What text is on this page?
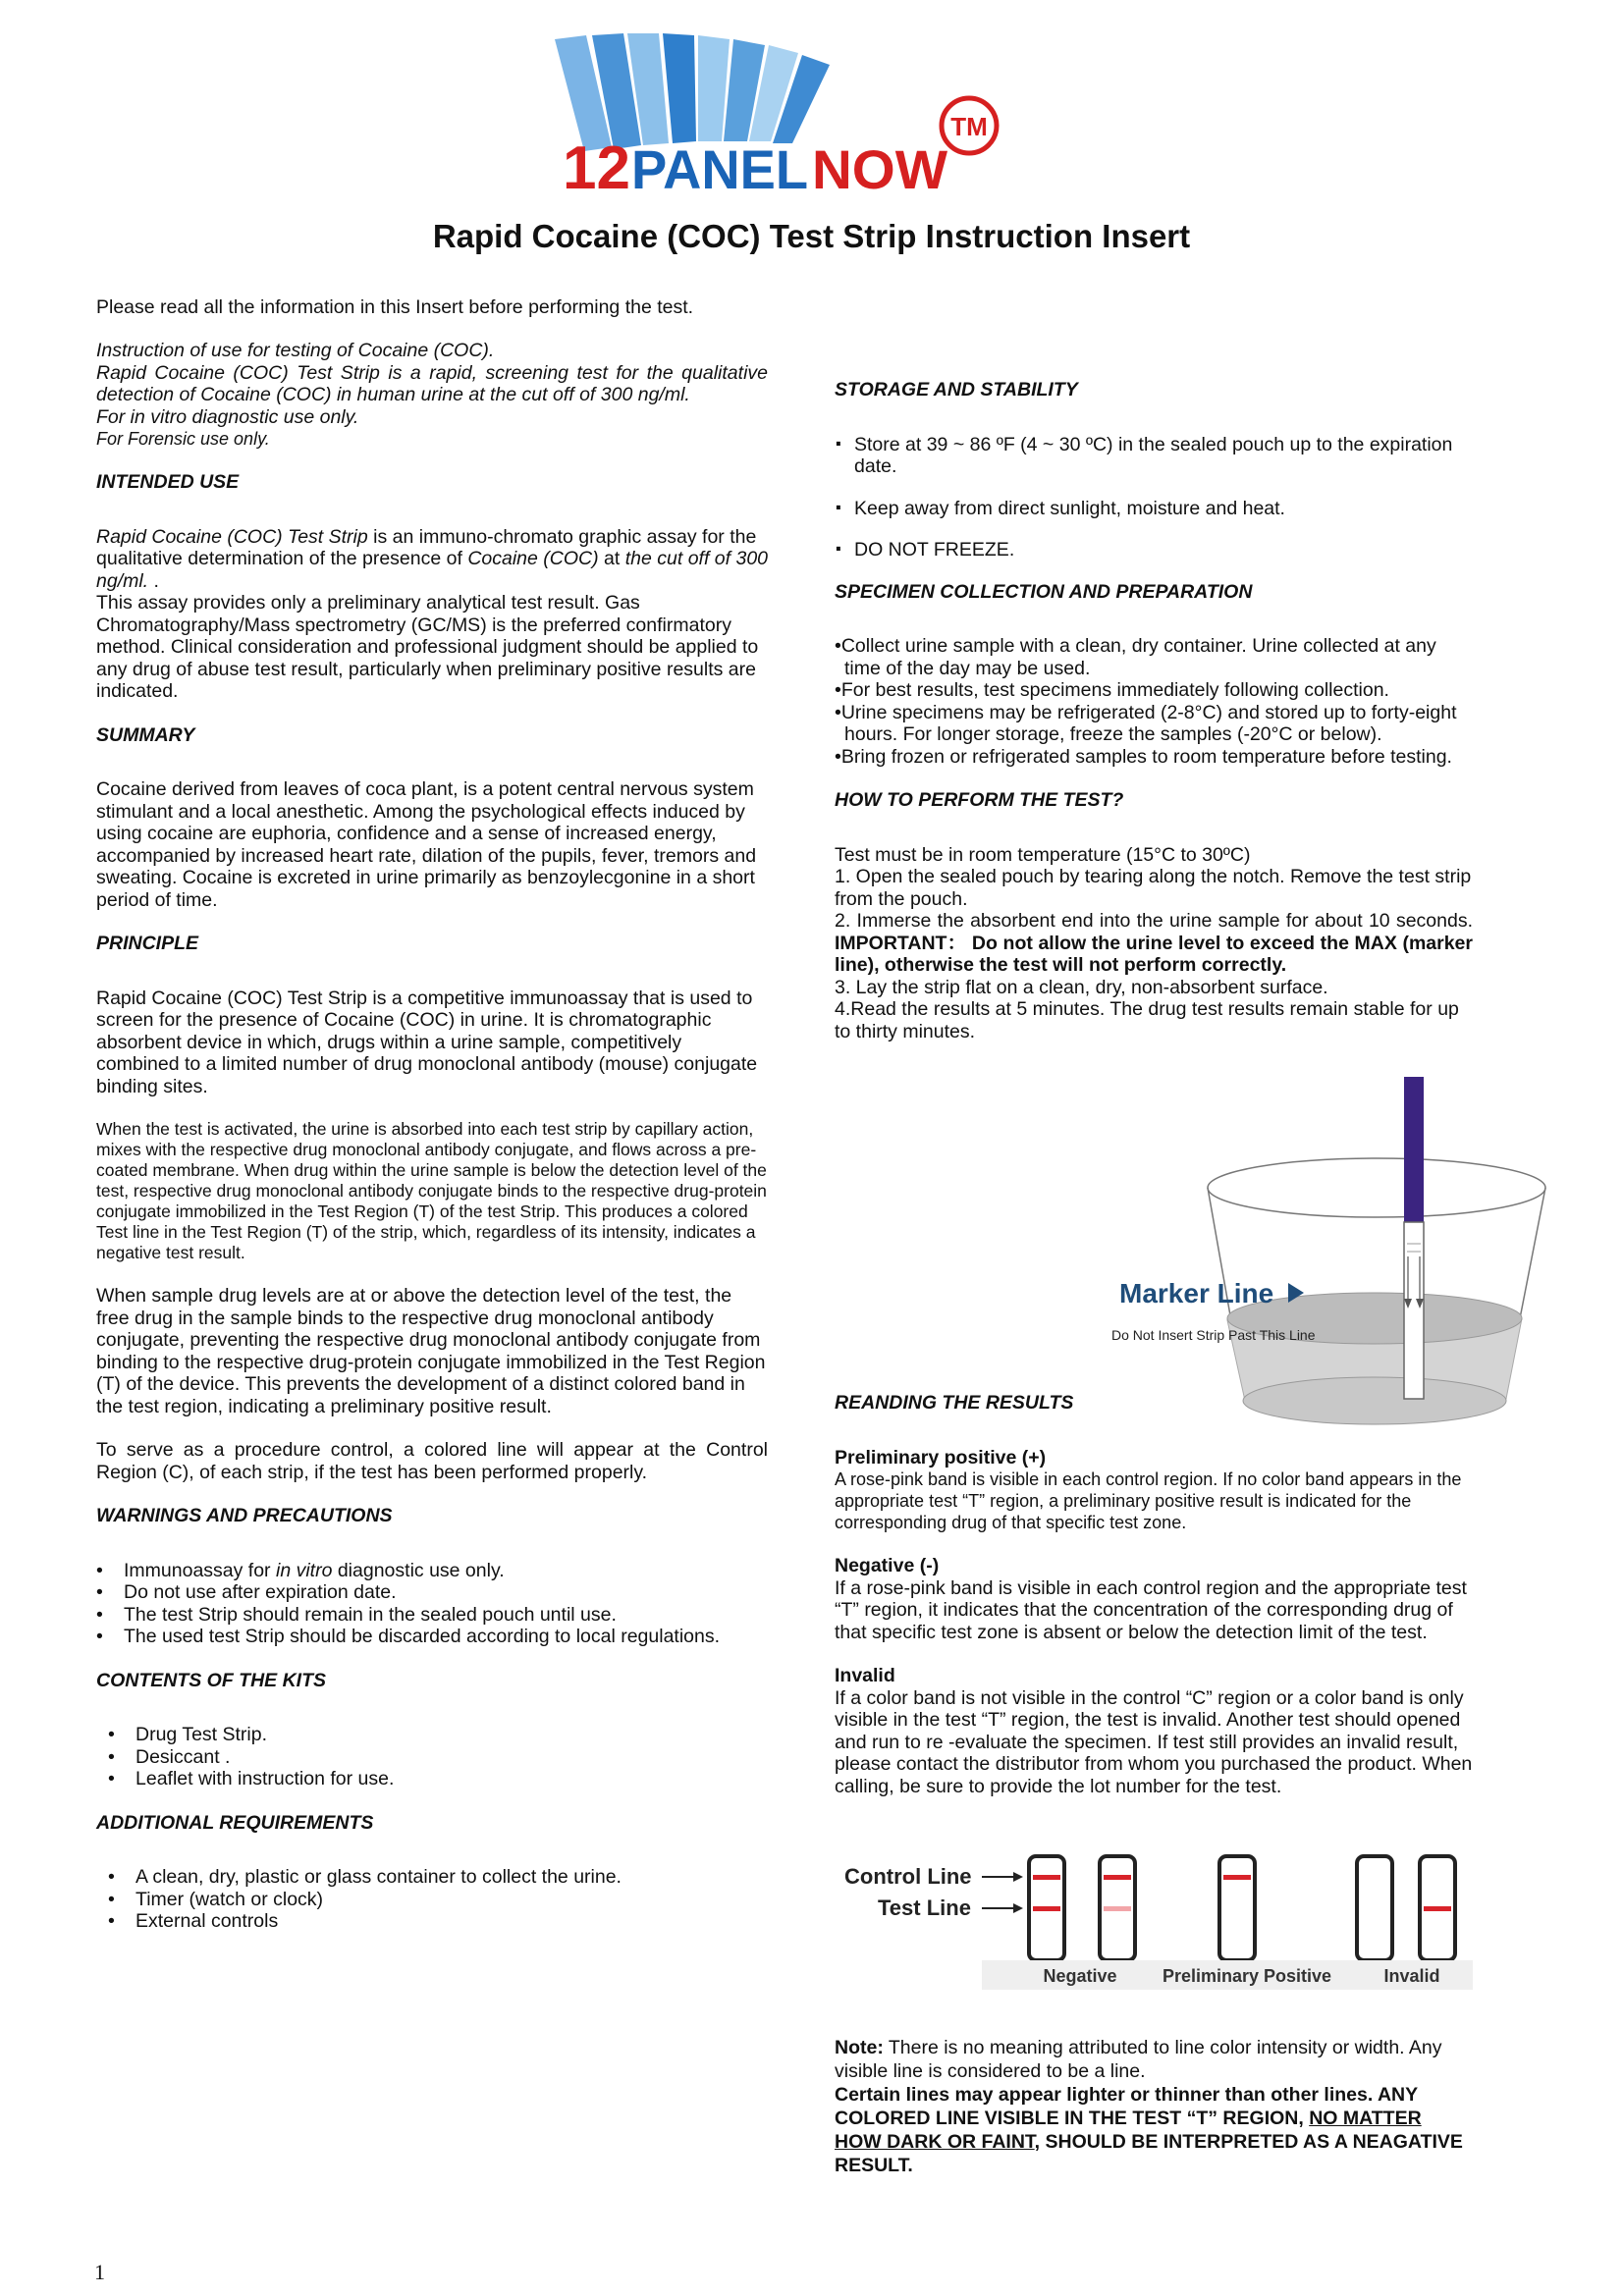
12 PANEL NOW
TM
Rapid Cocaine (COC) Test Strip Instruction Insert
Please read all the information in this Insert before performing the test.

Instruction of use for testing of Cocaine (COC).

Rapid Cocaine (COC) Test Strip is a rapid, screening test for the qualitative detection of Cocaine (COC) in human urine at the cut off of 300 ng/ml.

For in vitro diagnostic use only.

For Forensic use only.

INTENDED USE

Rapid Cocaine (COC) Test Strip is an immuno-chromato graphic assay for the qualitative determination of the presence of Cocaine (COC) at the cut off of 300 ng/ml. .

This assay provides only a preliminary analytical test result. Gas Chromatography/Mass spectrometry (GC/MS) is the preferred confirmatory method. Clinical consideration and professional judgment should be applied to any drug of abuse test result, particularly when preliminary positive results are indicated.

SUMMARY

Cocaine derived from leaves of coca plant, is a potent central nervous system stimulant and a local anesthetic. Among the psychological effects induced by using cocaine are euphoria, confidence and a sense of increased energy, accompanied by increased heart rate, dilation of the pupils, fever, tremors and sweating. Cocaine is excreted in urine primarily as benzoylecgonine in a short period of time.

PRINCIPLE

Rapid Cocaine (COC) Test Strip is a competitive immunoassay that is used to screen for the presence of Cocaine (COC) in urine. It is chromatographic absorbent device in which, drugs within a urine sample, competitively combined to a limited number of drug monoclonal antibody (mouse) conjugate binding sites.

When the test is activated, the urine is absorbed into each test strip by capillary action, mixes with the respective drug monoclonal antibody conjugate, and flows across a pre-coated membrane. When drug within the urine sample is below the detection level of the test, respective drug monoclonal antibody conjugate binds to the respective drug-protein conjugate immobilized in the Test Region (T) of the test Strip. This produces a colored Test line in the Test Region (T) of the strip, which, regardless of its intensity, indicates a negative test result.

When sample drug levels are at or above the detection level of the test, the free drug in the sample binds to the respective drug monoclonal antibody conjugate, preventing the respective drug monoclonal antibody conjugate from binding to the respective drug-protein conjugate immobilized in the Test Region (T) of the device. This prevents the development of a distinct colored band in the test region, indicating a preliminary positive result.

To serve as a procedure control, a colored line will appear at the Control Region (C), of each strip, if the test has been performed properly.

WARNINGS AND PRECAUTIONS

• Immunoassay for in vitro diagnostic use only.
• Do not use after expiration date.
• The test Strip should remain in the sealed pouch until use.
• The used test Strip should be discarded according to local regulations.

CONTENTS OF THE KITS

• Drug Test Strip.
• Desiccant .
• Leaflet with instruction for use.

ADDITIONAL REQUIREMENTS

• A clean, dry, plastic or glass container to collect the urine.
• Timer (watch or clock)
• External controls

STORAGE AND STABILITY

. Store at 39 ~ 86 ºF (4 ~ 30 ºC) in the sealed pouch up to the expiration date.
. Keep away from direct sunlight, moisture and heat.
. DO NOT FREEZE.

SPECIMEN COLLECTION AND PREPARATION

• Collect urine sample with a clean, dry container. Urine collected at any time of the day may be used.
• For best results, test specimens immediately following collection.
• Urine specimens may be refrigerated (2-8°C) and stored up to forty-eight hours. For longer storage, freeze the samples (-20°C or below).
• Bring frozen or refrigerated samples to room temperature before testing.

HOW TO PERFORM THE TEST?

Test must be in room temperature (15°C to 30ºC)

1. Open the sealed pouch by tearing along the notch. Remove the test strip from the pouch.

2. Immerse the absorbent end into the urine sample for about 10 seconds. IMPORTANT： Do not allow the urine level to exceed the MAX (marker line), otherwise the test will not perform correctly.

3. Lay the strip flat on a clean, dry, non-absorbent surface.

4.Read the results at 5 minutes. The drug test results remain stable for up to thirty minutes.

Marker Line
Do Not Insert Strip Past This Line

REANDING THE RESULTS

Preliminary positive (+)

A rose-pink band is visible in each control region. If no color band appears in the appropriate test “T” region, a preliminary positive result is indicated for the corresponding drug of that specific test zone.

Negative (-)

If a rose-pink band is visible in each control region and the appropriate test “T” region, it indicates that the concentration of the corresponding drug of that specific test zone is absent or below the detection limit of the test.

Invalid

If a color band is not visible in the control “C” region or a color band is only visible in the test “T” region, the test is invalid. Another test should opened and run to re -evaluate the specimen. If test still provides an invalid result, please contact the distributor from whom you purchased the product. When calling, be sure to provide the lot number for the test.

Control Line
Test Line
Negative	Preliminary Positive	Invalid

Note: There is no meaning attributed to line color intensity or width. Any visible line is considered to be a line.

Certain lines may appear lighter or thinner than other lines. ANY COLORED LINE VISIBLE IN THE TEST “T” REGION, NO MATTER HOW DARK OR FAINT, SHOULD BE INTERPRETED AS A NEAGATIVE RESULT.

1
